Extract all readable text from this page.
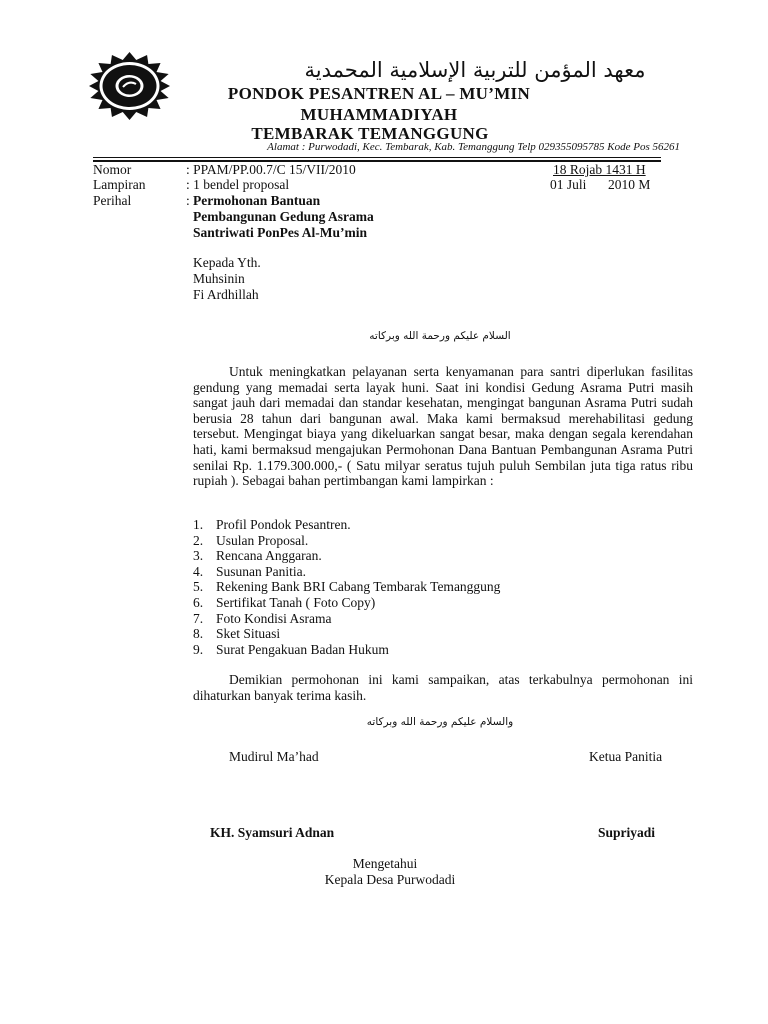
معهد المؤمن للتربية الإسلامية المحمدية
PONDOK PESANTREN AL – MU’MIN
MUHAMMADIYAH
TEMBARAK TEMANGGUNG
Alamat : Purwodadi, Kec. Tembarak, Kab. Temanggung Telp 029355095785 Kode Pos 56261
Nomor	: PPAM/PP.00.7/C 15/VII/2010	18 Rojab 1431 H
Lampiran	: 1 bendel proposal	01 Juli 2010 M
Perihal	: Permohonan Bantuan
Pembangunan Gedung Asrama
Santriwati PonPes Al-Mu’min
Kepada Yth.
Muhsinin
Fi Ardhillah
السلام عليكم ورحمة الله وبركاته
Untuk meningkatkan pelayanan serta kenyamanan para santri diperlukan fasilitas gendung yang memadai serta layak huni. Saat ini kondisi Gedung Asrama Putri masih sangat jauh dari memadai dan standar kesehatan, mengingat bangunan Asrama Putri sudah berusia 28 tahun dari bangunan awal. Maka kami bermaksud merehabilitasi gedung tersebut. Mengingat biaya yang dikeluarkan sangat besar, maka dengan segala kerendahan hati, kami bermaksud mengajukan Permohonan Dana Bantuan Pembangunan Asrama Putri senilai Rp. 1.179.300.000,- ( Satu milyar seratus tujuh puluh Sembilan juta tiga ratus ribu rupiah ). Sebagai bahan pertimbangan kami lampirkan :
1. Profil Pondok Pesantren.
2. Usulan Proposal.
3. Rencana Anggaran.
4. Susunan Panitia.
5. Rekening Bank BRI Cabang Tembarak Temanggung
6. Sertifikat Tanah ( Foto Copy)
7. Foto Kondisi Asrama
8. Sket Situasi
9. Surat Pengakuan Badan Hukum
Demikian permohonan ini kami sampaikan, atas terkabulnya permohonan ini dihaturkan banyak terima kasih.
والسلام عليكم ورحمة الله وبركاته
Mudirul Ma’had	Ketua Panitia
KH. Syamsuri Adnan	Supriyadi
Mengetahui
Kepala Desa Purwodadi
